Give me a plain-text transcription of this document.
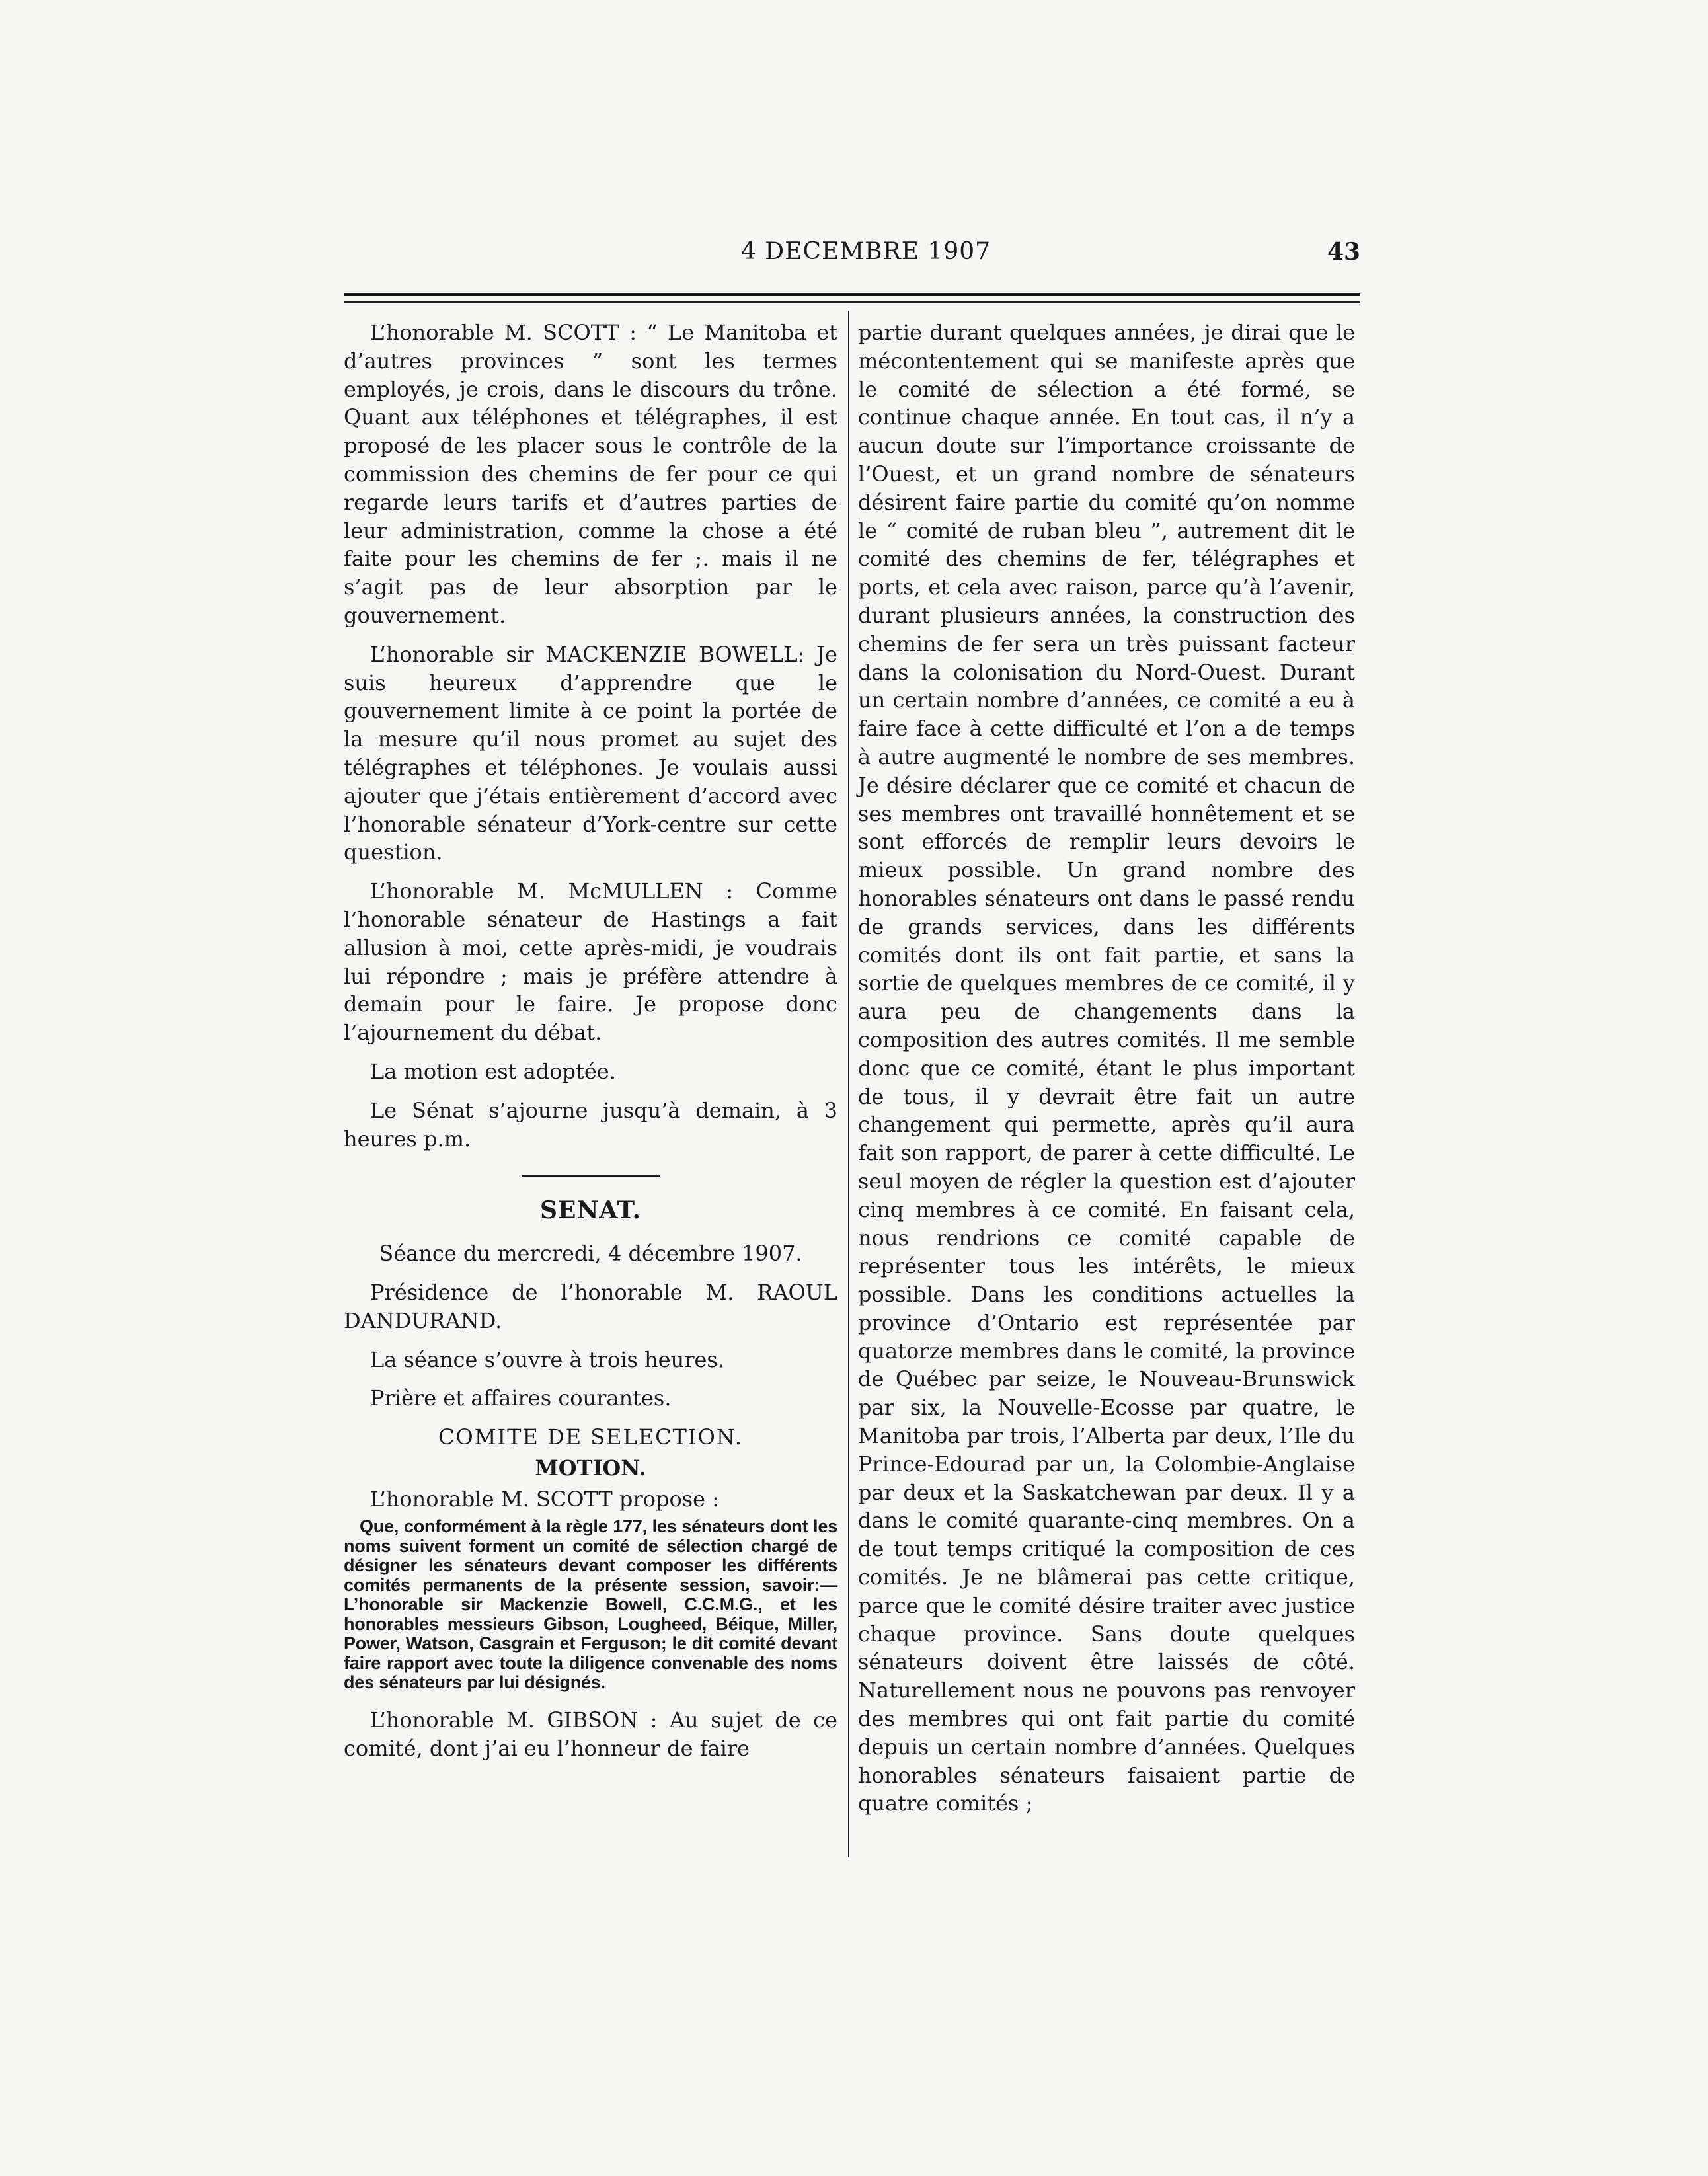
4 DECEMBRE 1907	43

L’honorable M. SCOTT : “ Le Manitoba et d’autres provinces ” sont les termes employés, je crois, dans le discours du trône. Quant aux téléphones et télégraphes, il est proposé de les placer sous le contrôle de la commission des chemins de fer pour ce qui regarde leurs tarifs et d’autres parties de leur administration, comme la chose a été faite pour les chemins de fer ;. mais il ne s’agit pas de leur absorption par le gouvernement.

L’honorable sir MACKENZIE BOWELL: Je suis heureux d’apprendre que le gouvernement limite à ce point la portée de la mesure qu’il nous promet au sujet des télégraphes et téléphones. Je voulais aussi ajouter que j’étais entièrement d’accord avec l’honorable sénateur d’York-centre sur cette question.

L’honorable M. McMULLEN : Comme l’honorable sénateur de Hastings a fait allusion à moi, cette après-midi, je voudrais lui répondre ; mais je préfère attendre à demain pour le faire. Je propose donc l’ajournement du débat.

La motion est adoptée.

Le Sénat s’ajourne jusqu’à demain, à 3 heures p.m.

SENAT.

Séance du mercredi, 4 décembre 1907.

Présidence de l’honorable M. RAOUL DANDURAND.

La séance s’ouvre à trois heures.

Prière et affaires courantes.

COMITE DE SELECTION.
MOTION.

L’honorable M. SCOTT propose :

Que, conformément à la règle 177, les sénateurs dont les noms suivent forment un comité de sélection chargé de désigner les sénateurs devant composer les différents comités permanents de la présente session, savoir:— L’honorable sir Mackenzie Bowell, C.C.M.G., et les honorables messieurs Gibson, Lougheed, Béique, Miller, Power, Watson, Casgrain et Ferguson; le dit comité devant faire rapport avec toute la diligence convenable des noms des sénateurs par lui désignés.

L’honorable M. GIBSON : Au sujet de ce comité, dont j’ai eu l’honneur de faire

partie durant quelques années, je dirai que le mécontentement qui se manifeste après que le comité de sélection a été formé, se continue chaque année. En tout cas, il n’y a aucun doute sur l’importance croissante de l’Ouest, et un grand nombre de sénateurs désirent faire partie du comité qu’on nomme le “ comité de ruban bleu ”, autrement dit le comité des chemins de fer, télégraphes et ports, et cela avec raison, parce qu’à l’avenir, durant plusieurs années, la construction des chemins de fer sera un très puissant facteur dans la colonisation du Nord-Ouest. Durant un certain nombre d’années, ce comité a eu à faire face à cette difficulté et l’on a de temps à autre augmenté le nombre de ses membres. Je désire déclarer que ce comité et chacun de ses membres ont travaillé honnêtement et se sont efforcés de remplir leurs devoirs le mieux possible. Un grand nombre des honorables sénateurs ont dans le passé rendu de grands services, dans les différents comités dont ils ont fait partie, et sans la sortie de quelques membres de ce comité, il y aura peu de changements dans la composition des autres comités. Il me semble donc que ce comité, étant le plus important de tous, il y devrait être fait un autre changement qui permette, après qu’il aura fait son rapport, de parer à cette difficulté. Le seul moyen de régler la question est d’ajouter cinq membres à ce comité. En faisant cela, nous rendrions ce comité capable de représenter tous les intérêts, le mieux possible. Dans les conditions actuelles la province d’Ontario est représentée par quatorze membres dans le comité, la province de Québec par seize, le Nouveau-Brunswick par six, la Nouvelle-Ecosse par quatre, le Manitoba par trois, l’Alberta par deux, l’Ile du Prince-Edourad par un, la Colombie-Anglaise par deux et la Saskatchewan par deux. Il y a dans le comité quarante-cinq membres. On a de tout temps critiqué la composition de ces comités. Je ne blâmerai pas cette critique, parce que le comité désire traiter avec justice chaque province. Sans doute quelques sénateurs doivent être laissés de côté. Naturellement nous ne pouvons pas renvoyer des membres qui ont fait partie du comité depuis un certain nombre d’années. Quelques honorables sénateurs faisaient partie de quatre comités ;
